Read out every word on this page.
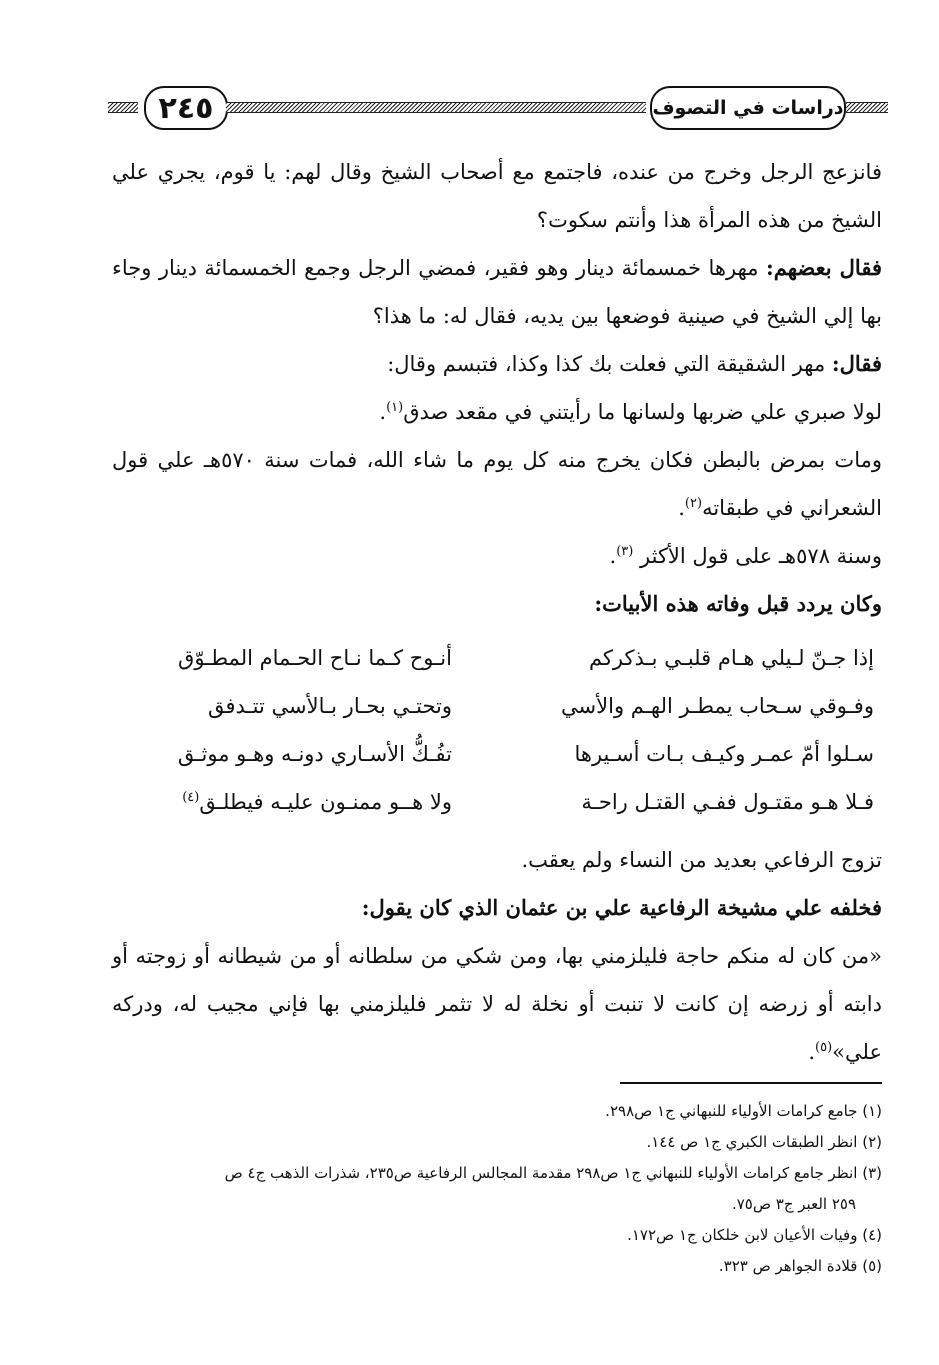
٢٤٥	دراسات في التصوف

فانزعج الرجل وخرج من عنده، فاجتمع مع أصحاب الشيخ وقال لهم: يا قوم، يجري علي الشيخ من هذه المرأة هذا وأنتم سكوت؟

فقال بعضهم: مهرها خمسمائة دينار وهو فقير، فمضي الرجل وجمع الخمسمائة دينار وجاء بها إلي الشيخ في صينية فوضعها بين يديه، فقال له: ما هذا؟

فقال: مهر الشقيقة التي فعلت بك كذا وكذا، فتبسم وقال:

لولا صبري علي ضربها ولسانها ما رأيتني في مقعد صدق$^{(١)}$.

ومات بمرض بالبطن فكان يخرج منه كل يوم ما شاء الله، فمات سنة ٥٧٠هـ علي قول الشعراني في طبقاته$^{(٢)}$.

وسنة ٥٧٨هـ على قول الأكثر $^{(٣)}$.

وكان يردد قبل وفاته هذه الأبيات:

إذا جـنّ لـيلي هـام قلبـي بـذكركم
أنـوح كـما نـاح الحـمام المطـوّق
وفـوقي سـحاب يمطـر الهـم والأسي
وتحتـي بحـار بـالأسي تتـدفق
سـلوا أمّ عمـر وكيـف بـات أسـيرها
تفُـكُّ الأسـاري دونـه وهـو موثـق
فـلا هـو مقتـول ففـي القتـل راحـة
ولا هــو ممنـون عليـه فيطلـق$^{(٤)}$

تزوج الرفاعي بعديد من النساء ولم يعقب.

فخلفه علي مشيخة الرفاعية علي بن عثمان الذي كان يقول:

«من كان له منكم حاجة فليلزمني بها، ومن شكي من سلطانه أو من شيطانه أو زوجته أو دابته أو زرضه إن كانت لا تنبت أو نخلة له لا تثمر فليلزمني بها فإني مجيب له، ودركه علي»$^{(٥)}$.

(١) جامع كرامات الأولياء للنبهاني ج١ ص٢٩٨.

(٢) انظر الطبقات الكبري ج١ ص ١٤٤.

(٣) انظر جامع كرامات الأولياء للنبهاني ج١ ص٢٩٨ مقدمة المجالس الرفاعية ص٢٣٥، شذرات الذهب ج٤ ص

٢٥٩ العبر ج٣ ص٧٥.

(٤) وفيات الأعيان لابن خلكان ج١ ص١٧٢.

(٥) قلادة الجواهر ص ٣٢٣.
